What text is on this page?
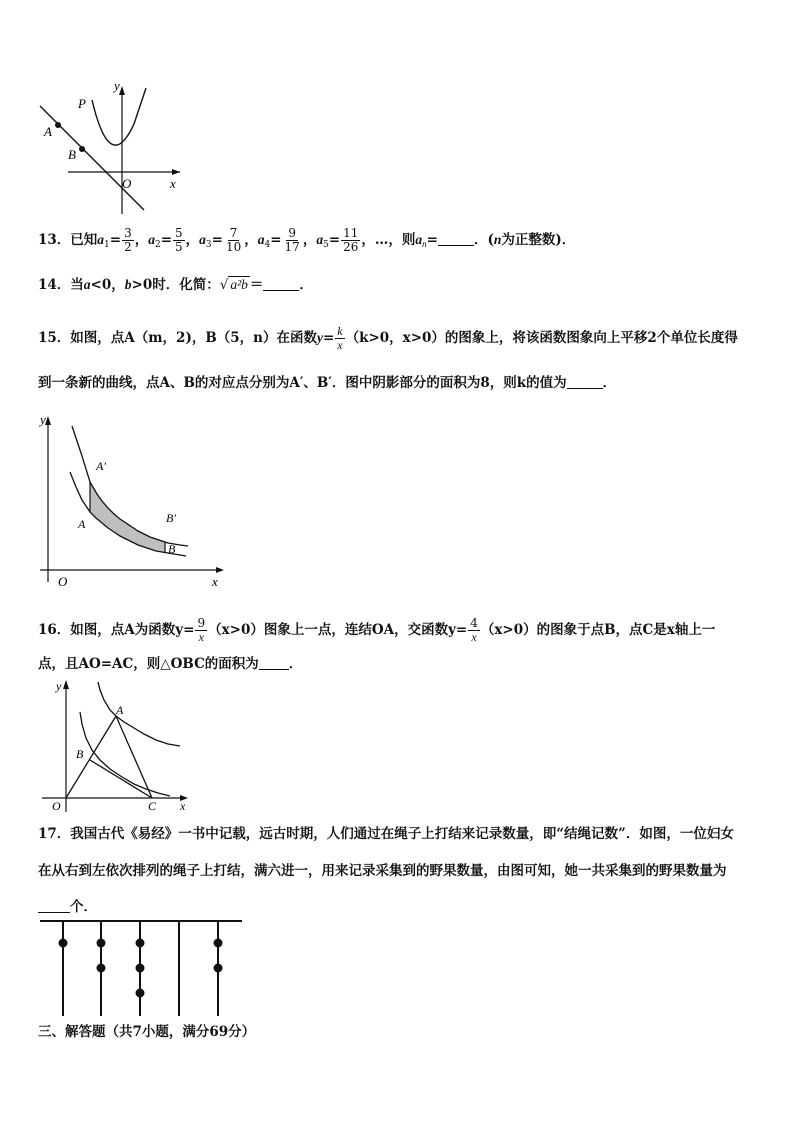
y
x
O
P
A
B
13．已知$a_1= \frac{3}{2}$ ，$a_2= \frac{5}{5}$ ，$a_3= \frac{7}{10}$ ，$a_4= \frac{9}{17}$ ，$a_5= \frac{11}{26}$ ，…，则$a_n=$	．(n为正整数)．
14．当a<0，b>0时．化简：√ a²b ＝	．
15．如图，点A（m，2)，B（5，n）在函数$y= \frac{k}{x} (k>0$，x>0）的图象上，将该函数图象向上平移2个单位长度得
到一条新的曲线，点A、B的对应点分别为A′、B′．图中阴影部分的面积为8，则k的值为	．
A′
A	B′
B
y
x
O
16．如图，点A为函数$y= \frac{9}{x} (x>0)$图象上一点，连结OA，交函数$y= \frac{4}{x} (x>0)$的图象于点B，点C是x轴上一
点，且AO=AC，则△OBC的面积为 ．
A
B
C
O
y
x
17．我国古代《易经》一书中记载，远古时期，人们通过在绳子上打结来记录数量，即“结绳记数”．如图，一位妇女
在从右到左依次排列的绳子上打结，满六进一，用来记录采集到的野果数量，由图可知，她一共采集到的野果数量为
个．
三、解答题（共7小题，满分69分）
